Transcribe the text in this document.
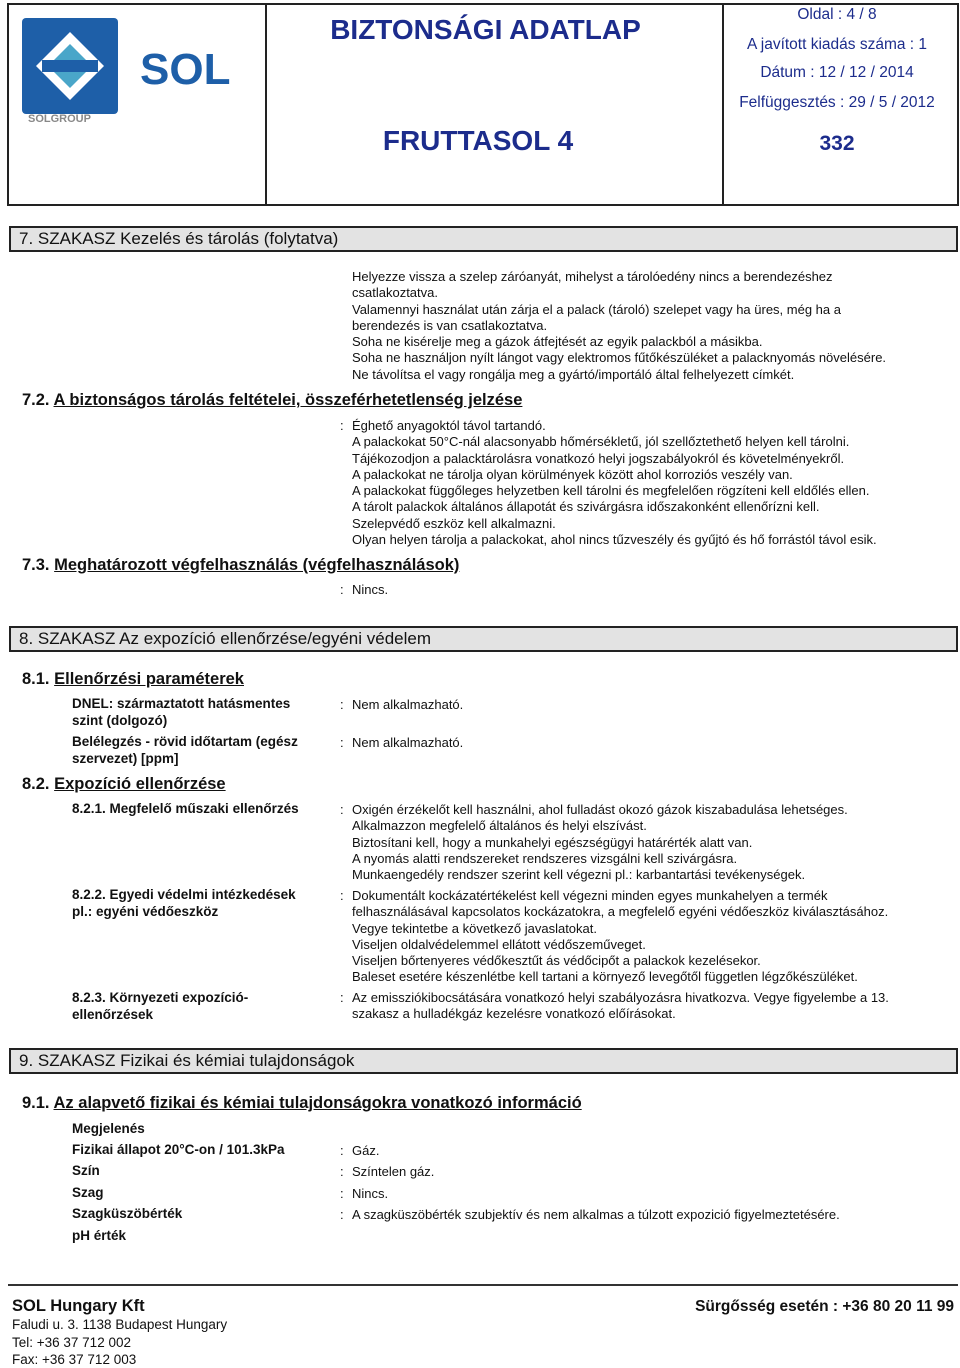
SOL
SOLGROUP
BIZTONSÁGI ADATLAP
FRUTTASOL 4
Oldal : 4 / 8
A javított kiadás száma : 1
Dátum : 12 / 12 / 2014
Felfüggesztés : 29 / 5 / 2012
332
7. SZAKASZ Kezelés és tárolás (folytatva)
Helyezze vissza a szelep záróanyát, mihelyst a tárolóedény nincs a berendezéshez
csatlakoztatva.
Valamennyi használat után zárja el a palack (tároló) szelepet vagy ha üres, még ha a
berendezés is van csatlakoztatva.
Soha ne kisérelje meg a gázok átfejtését az egyik palackból a másikba.
Soha ne használjon nyílt lángot vagy elektromos fűtőkészüléket a palacknyomás növelésére.
Ne távolítsa el vagy rongálja meg a gyártó/importáló által felhelyezett címkét.
7.2. A biztonságos tárolás feltételei, összeférhetetlenség jelzése
: Éghető anyagoktól távol tartandó.
A palackokat 50°C-nál alacsonyabb hőmérsékletű, jól szellőztethető helyen kell tárolni.
Tájékozodjon a palacktárolásra vonatkozó helyi jogszabályokról és követelményekről.
A palackokat ne tárolja olyan körülmények között ahol korroziós veszély van.
A palackokat függőleges helyzetben kell tárolni és megfelelően rögzíteni kell eldőlés ellen.
A tárolt palackok általános állapotát és szivárgásra időszakonként ellenőrízni kell.
Szelepvédő eszköz kell alkalmazni.
Olyan helyen tárolja a palackokat, ahol nincs tűzveszély és gyűjtó és hő forrástól távol esik.
7.3. Meghatározott végfelhasználás (végfelhasználások)
: Nincs.
8. SZAKASZ Az expozíció ellenőrzése/egyéni védelem
8.1. Ellenőrzési paraméterek
DNEL: származtatott hatásmentes
szint (dolgozó)
: Nem alkalmazható.
Belélegzés - rövid időtartam (egész
szervezet) [ppm]
: Nem alkalmazható.
8.2. Expozíció ellenőrzése
8.2.1. Megfelelő műszaki ellenőrzés	: Oxigén érzékelőt kell használni, ahol fulladást okozó gázok kiszabadulása lehetséges.
Alkalmazzon megfelelő általános és helyi elszívást.
Biztosítani kell, hogy a munkahelyi egészségügyi határérték alatt van.
A nyomás alatti rendszereket rendszeres vizsgálni kell szivárgásra.
Munkaengedély rendszer szerint kell végezni pl.: karbantartási tevékenységek.
8.2.2. Egyedi védelmi intézkedések
pl.: egyéni védőeszköz
: Dokumentált kockázatértékelést kell végezni minden egyes munkahelyen a termék
felhasználásával kapcsolatos kockázatokra, a megfelelő egyéni védőeszköz kiválasztásához.
Vegye tekintetbe a következő javaslatokat.
Viseljen oldalvédelemmel ellátott védőszeműveget.
Viseljen bőrtenyeres védőkesztűt ás védőcipőt a palackok kezelésekor.
Baleset esetére készenlétbe kell tartani a környező levegőtől független légzőkészüléket.
8.2.3. Környezeti expozíció-
ellenőrzések
: Az emissziókibocsátására vonatkozó helyi szabályozásra hivatkozva. Vegye figyelembe a 13.
szakasz a hulladékgáz kezelésre vonatkozó előírásokat.
9. SZAKASZ Fizikai és kémiai tulajdonságok
9.1. Az alapvető fizikai és kémiai tulajdonságokra vonatkozó információ
Megjelenés
Fizikai állapot 20°C-on / 101.3kPa	: Gáz.
Szín	: Színtelen gáz.
Szag	: Nincs.
Szagküszöbérték	: A szagküszöbérték szubjektív és nem alkalmas a túlzott expozició figyelmeztetésére.
pH érték
SOL Hungary Kft
Faludi u. 3. 1138 Budapest Hungary
Tel: +36 37 712 002
Fax: +36 37 712 003
Sürgősség esetén : +36 80 20 11 99
